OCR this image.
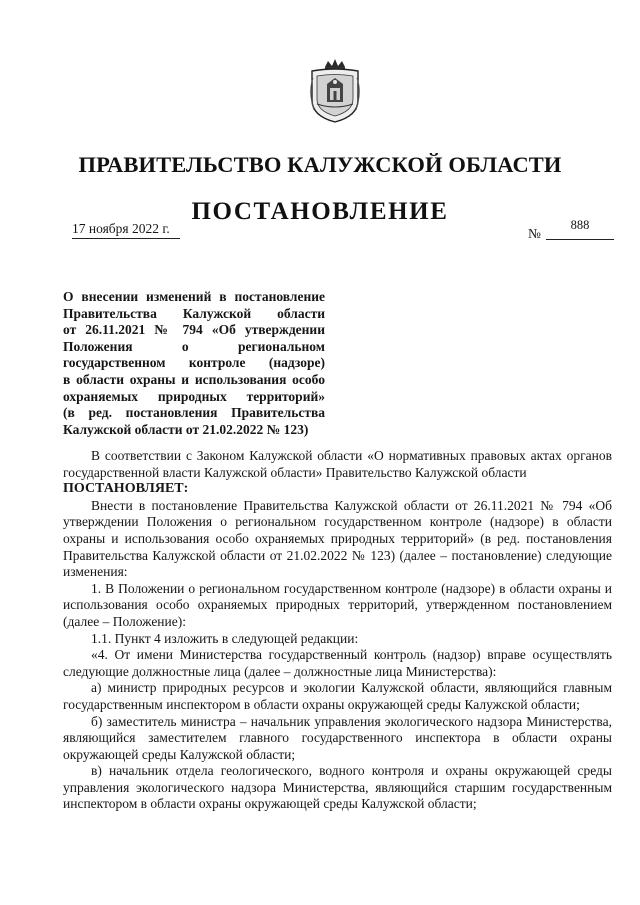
ПРАВИТЕЛЬСТВО КАЛУЖСКОЙ ОБЛАСТИ
ПОСТАНОВЛЕНИЕ
17 ноября 2022 г.	№
888
О внесении изменений в постановление
Правительства Калужской области
от 26.11.2021 № 794 «Об утверждении
Положения о региональном
государственном контроле (надзоре)
в области охраны и использования особо
охраняемых природных территорий»
(в ред. постановления Правительства
Калужской области от 21.02.2022 № 123)

В соответствии с Законом Калужской области «О нормативных правовых актах органов государственной власти Калужской области» Правительство Калужской области

ПОСТАНОВЛЯЕТ:

Внести в постановление Правительства Калужской области от 26.11.2021 № 794 «Об утверждении Положения о региональном государственном контроле (надзоре) в области охраны и использования особо охраняемых природных территорий» (в ред. постановления Правительства Калужской области от 21.02.2022 № 123) (далее – постановление) следующие изменения:

1. В Положении о региональном государственном контроле (надзоре) в области охраны и использования особо охраняемых природных территорий, утвержденном постановлением (далее – Положение):

1.1. Пункт 4 изложить в следующей редакции:

«4. От имени Министерства государственный контроль (надзор) вправе осуществлять следующие должностные лица (далее – должностные лица Министерства):

а) министр природных ресурсов и экологии Калужской области, являющийся главным государственным инспектором в области охраны окружающей среды Калужской области;

б) заместитель министра – начальник управления экологического надзора Министерства, являющийся заместителем главного государственного инспектора в области охраны окружающей среды Калужской области;

в) начальник отдела геологического, водного контроля и охраны окружающей среды управления экологического надзора Министерства, являющийся старшим государственным инспектором в области охраны окружающей среды Калужской области;
